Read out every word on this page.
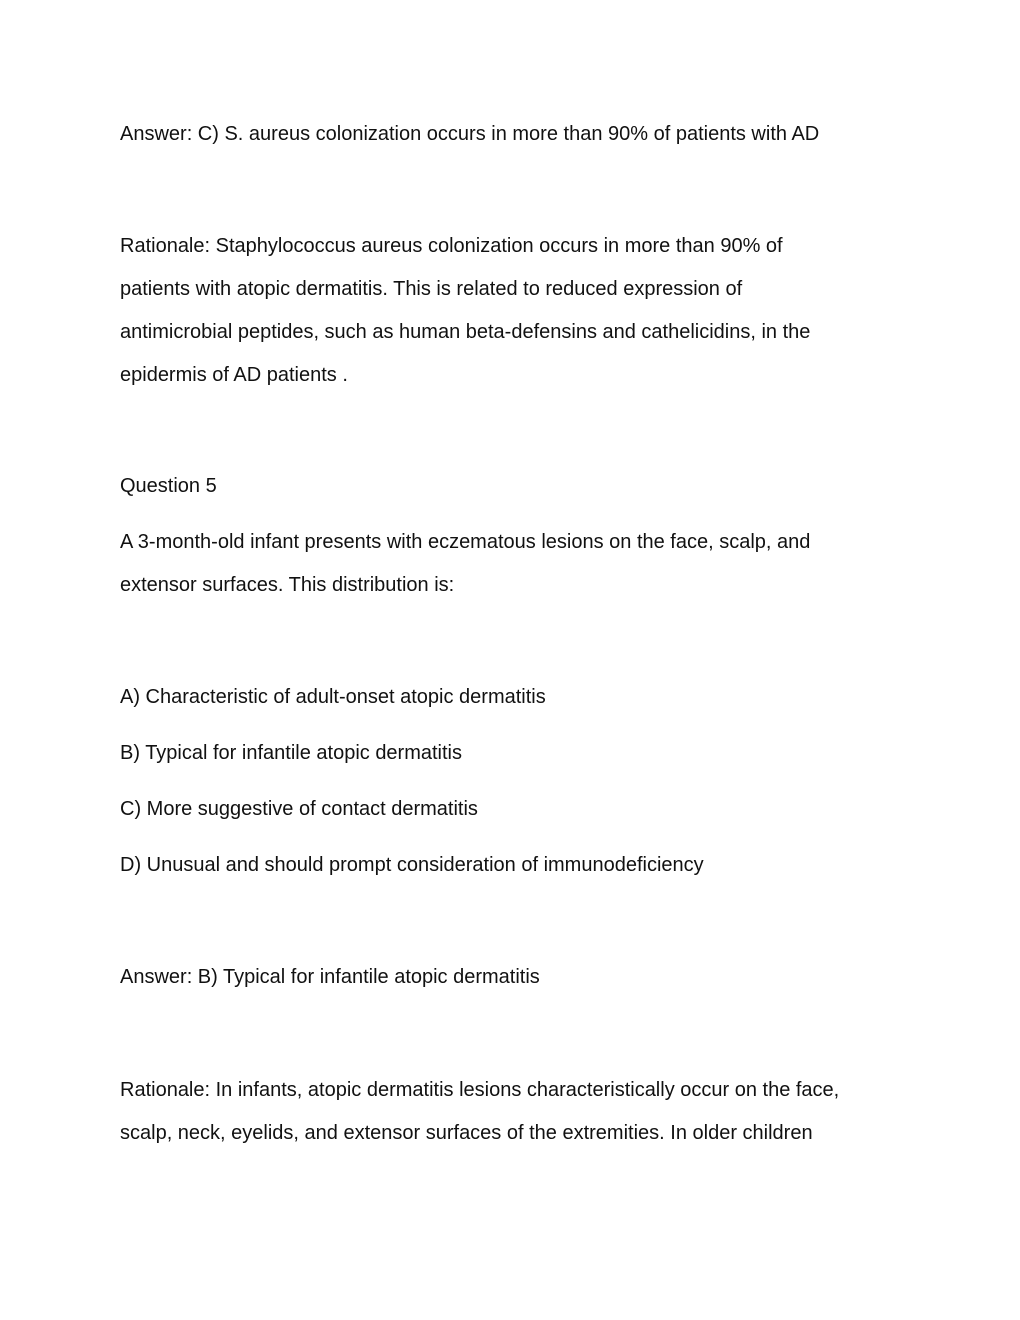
Answer: C) S. aureus colonization occurs in more than 90% of patients with AD
Rationale: Staphylococcus aureus colonization occurs in more than 90% of
patients with atopic dermatitis. This is related to reduced expression of
antimicrobial peptides, such as human beta-defensins and cathelicidins, in the
epidermis of AD patients .
Question 5
A 3-month-old infant presents with eczematous lesions on the face, scalp, and
extensor surfaces. This distribution is:
A) Characteristic of adult-onset atopic dermatitis
B) Typical for infantile atopic dermatitis
C) More suggestive of contact dermatitis
D) Unusual and should prompt consideration of immunodeficiency
Answer: B) Typical for infantile atopic dermatitis
Rationale: In infants, atopic dermatitis lesions characteristically occur on the face,
scalp, neck, eyelids, and extensor surfaces of the extremities. In older children
